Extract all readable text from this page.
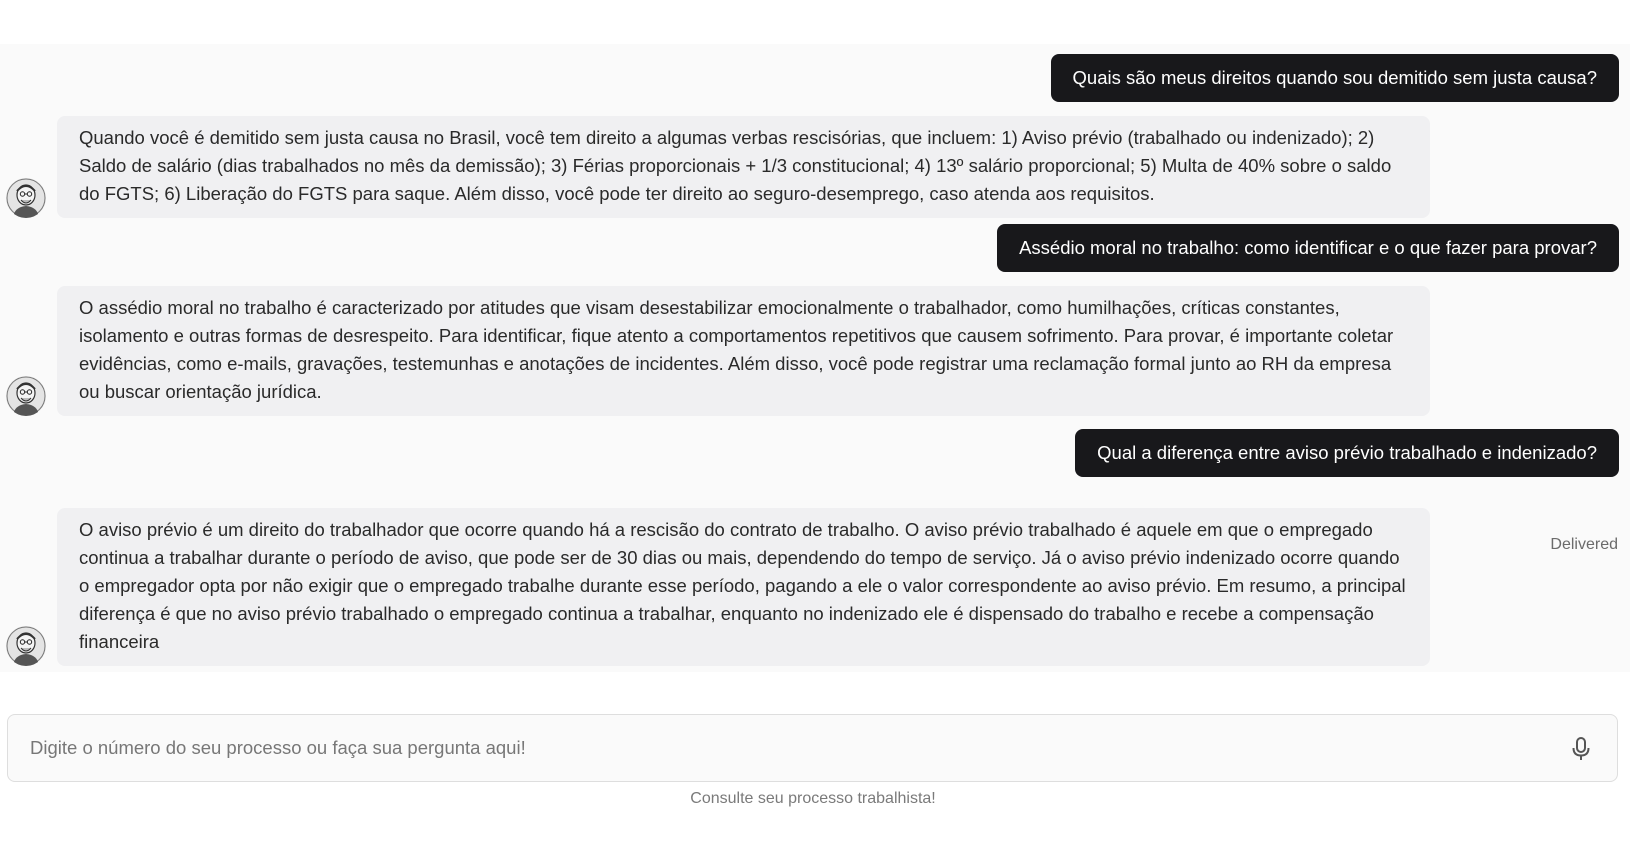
Quais são meus direitos quando sou demitido sem justa causa?
Quando você é demitido sem justa causa no Brasil, você tem direito a algumas verbas rescisórias, que incluem: 1) Aviso prévio (trabalhado ou indenizado); 2) Saldo de salário (dias trabalhados no mês da demissão); 3) Férias proporcionais + 1/3 constitucional; 4) 13º salário proporcional; 5) Multa de 40% sobre o saldo do FGTS; 6) Liberação do FGTS para saque. Além disso, você pode ter direito ao seguro-desemprego, caso atenda aos requisitos.
Assédio moral no trabalho: como identificar e o que fazer para provar?
O assédio moral no trabalho é caracterizado por atitudes que visam desestabilizar emocionalmente o trabalhador, como humilhações, críticas constantes, isolamento e outras formas de desrespeito. Para identificar, fique atento a comportamentos repetitivos que causem sofrimento. Para provar, é importante coletar evidências, como e-mails, gravações, testemunhas e anotações de incidentes. Além disso, você pode registrar uma reclamação formal junto ao RH da empresa ou buscar orientação jurídica.
Qual a diferença entre aviso prévio trabalhado e indenizado?
Delivered
O aviso prévio é um direito do trabalhador que ocorre quando há a rescisão do contrato de trabalho. O aviso prévio trabalhado é aquele em que o empregado continua a trabalhar durante o período de aviso, que pode ser de 30 dias ou mais, dependendo do tempo de serviço. Já o aviso prévio indenizado ocorre quando o empregador opta por não exigir que o empregado trabalhe durante esse período, pagando a ele o valor correspondente ao aviso prévio. Em resumo, a principal diferença é que no aviso prévio trabalhado o empregado continua a trabalhar, enquanto no indenizado ele é dispensado do trabalho e recebe a compensação financeira
Digite o número do seu processo ou faça sua pergunta aqui!
Consulte seu processo trabalhista!
